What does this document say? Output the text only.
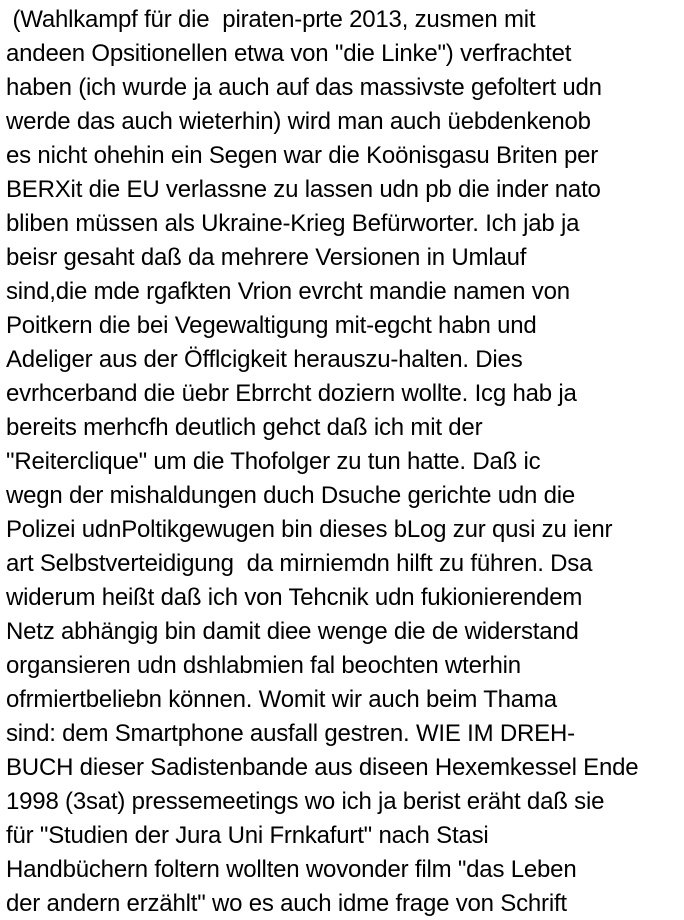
(Wahlkampf für die  piraten-prte 2013, zusmen mit
andeen Opsitionellen etwa von "die Linke") verfrachtet
haben (ich wurde ja auch auf das massivste gefoltert udn
werde das auch wieterhin) wird man auch üebdenkenob
es nicht ohehin ein Segen war die Koönisgasu Briten per
BERXit die EU verlassne zu lassen udn pb die inder nato
bliben müssen als Ukraine-Krieg Befürworter. Ich jab ja
beisr gesaht daß da mehrere Versionen in Umlauf
sind,die mde rgafkten Vrion evrcht mandie namen von
Poitkern die bei Vegewaltigung mit-egcht habn und
Adeliger aus der Öfflcigkeit herauszu-halten. Dies
evrhcerband die üebr Ebrrcht doziern wollte. Icg hab ja
bereits merhcfh deutlich gehct daß ich mit der
"Reiterclique" um die Thofolger zu tun hatte. Daß ic
wegn der mishaldungen duch Dsuche gerichte udn die
Polizei udnPoltikgewugen bin dieses bLog zur qusi zu ienr
art Selbstverteidigung  da mirniemdn hilft zu führen. Dsa
widerum heißt daß ich von Tehcnik udn fukionierendem
Netz abhängig bin damit diee wenge die de widerstand
organsieren udn dshlabmien fal beochten wterhin
ofrmiertbeliebn können. Womit wir auch beim Thama
sind: dem Smartphone ausfall gestren. WIE IM DREH-
BUCH dieser Sadistenbande aus diseen Hexemkessel Ende
1998 (3sat) pressemeetings wo ich ja berist eräht daß sie
für "Studien der Jura Uni Frnkafurt" nach Stasi
Handbüchern foltern wollten wovonder film "das Leben
der andern erzählt" wo es auch idme frage von Schrift
